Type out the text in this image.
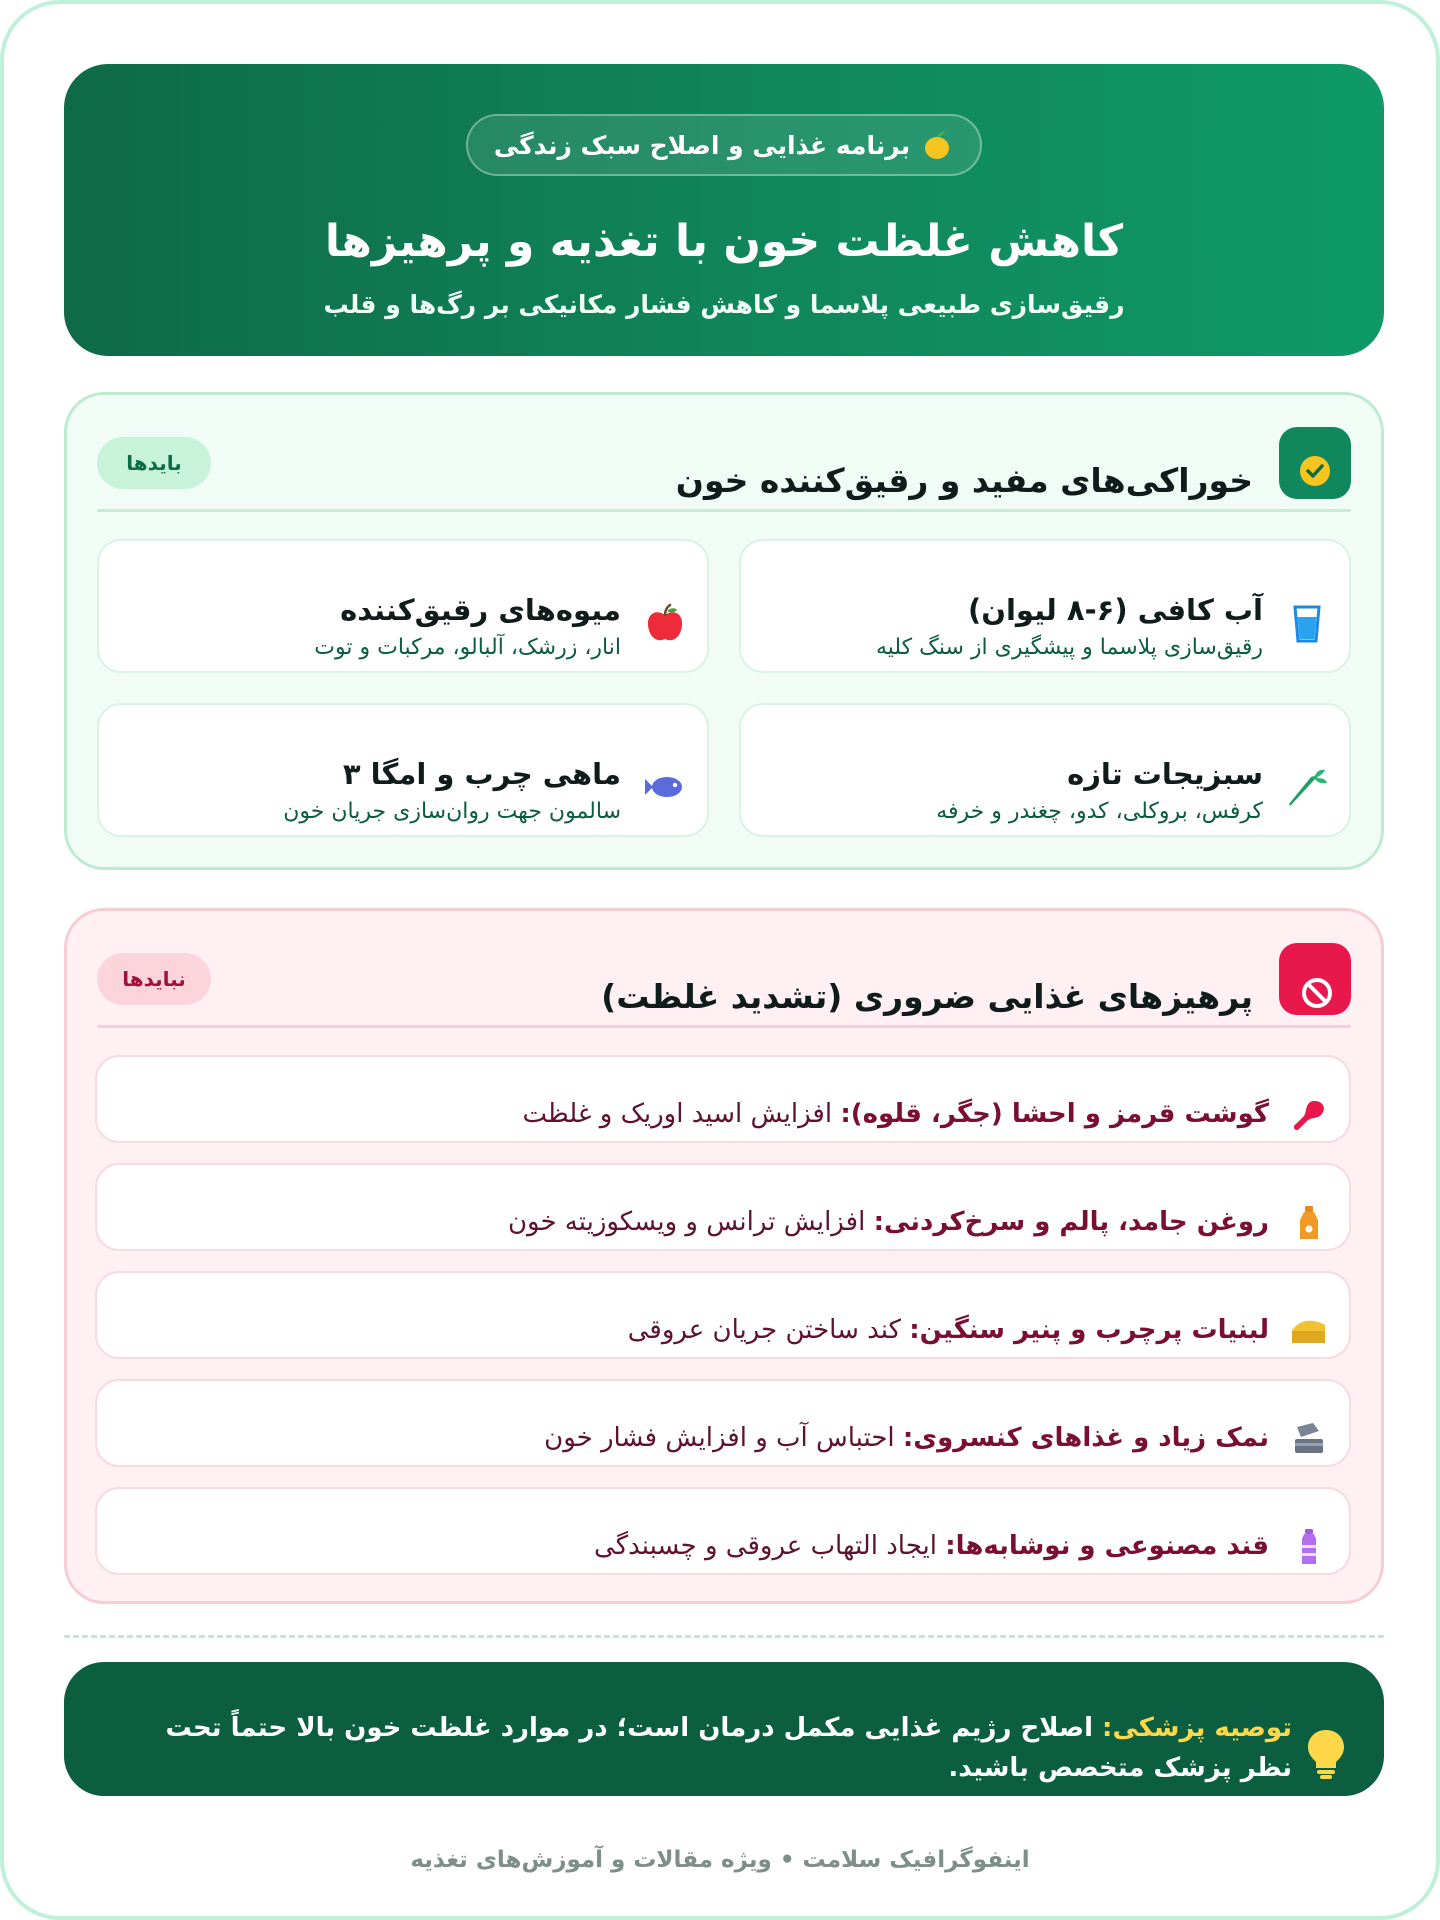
برنامه غذایی و اصلاح سبک زندگی
کاهش غلظت خون با تغذیه و پرهیزها
رقیق‌سازی طبیعی پلاسما و کاهش فشار مکانیکی بر رگ‌ها و قلب
خوراکی‌های مفید و رقیق‌کننده خون
بایدها
آب کافی (۶-۸ لیوان)
رقیق‌سازی پلاسما و پیشگیری از سنگ کلیه
میوه‌های رقیق‌کننده
انار، زرشک، آلبالو، مرکبات و توت
سبزیجات تازه
کرفس، بروکلی، کدو، چغندر و خرفه
ماهی چرب و امگا ۳
سالمون جهت روان‌سازی جریان خون
پرهیزهای غذایی ضروری (تشدید غلظت)
نبایدها
گوشت قرمز و احشا (جگر، قلوه): افزایش اسید اوریک و غلظت
روغن جامد، پالم و سرخ‌کردنی: افزایش ترانس و ویسکوزیته خون
لبنیات پرچرب و پنیر سنگین: کند ساختن جریان عروقی
نمک زیاد و غذاهای کنسروی: احتباس آب و افزایش فشار خون
قند مصنوعی و نوشابه‌ها: ایجاد التهاب عروقی و چسبندگی
توصیه پزشکی: اصلاح رژیم غذایی مکمل درمان است؛ در موارد غلظت خون بالا حتماً تحت نظر پزشک متخصص باشید.
اینفوگرافیک سلامت • ویژه مقالات و آموزش‌های تغذیه
